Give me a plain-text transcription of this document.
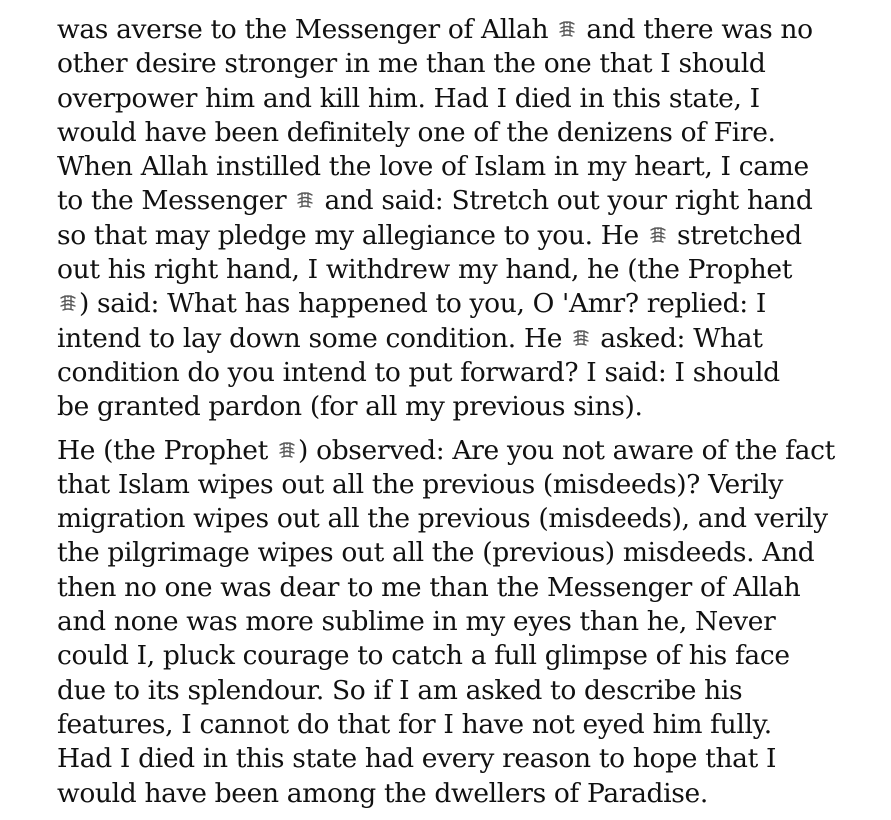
was averse to the Messenger of Allah and there was no
other desire stronger in me than the one that I should
overpower him and kill him. Had I died in this state, I
would have been definitely one of the denizens of Fire.
When Allah instilled the love of Islam in my heart, I came
to the Messenger and said: Stretch out your right hand
so that may pledge my allegiance to you. He stretched
out his right hand, I withdrew my hand, he (the Prophet
) said: What has happened to you, O 'Amr? replied: I
intend to lay down some condition. He asked: What
condition do you intend to put forward? I said: I should
be granted pardon (for all my previous sins).

He (the Prophet ) observed: Are you not aware of the fact
that Islam wipes out all the previous (misdeeds)? Verily
migration wipes out all the previous (misdeeds), and verily
the pilgrimage wipes out all the (previous) misdeeds. And
then no one was dear to me than the Messenger of Allah
and none was more sublime in my eyes than he, Never
could I, pluck courage to catch a full glimpse of his face
due to its splendour. So if I am asked to describe his
features, I cannot do that for I have not eyed him fully.
Had I died in this state had every reason to hope that I
would have been among the dwellers of Paradise.
